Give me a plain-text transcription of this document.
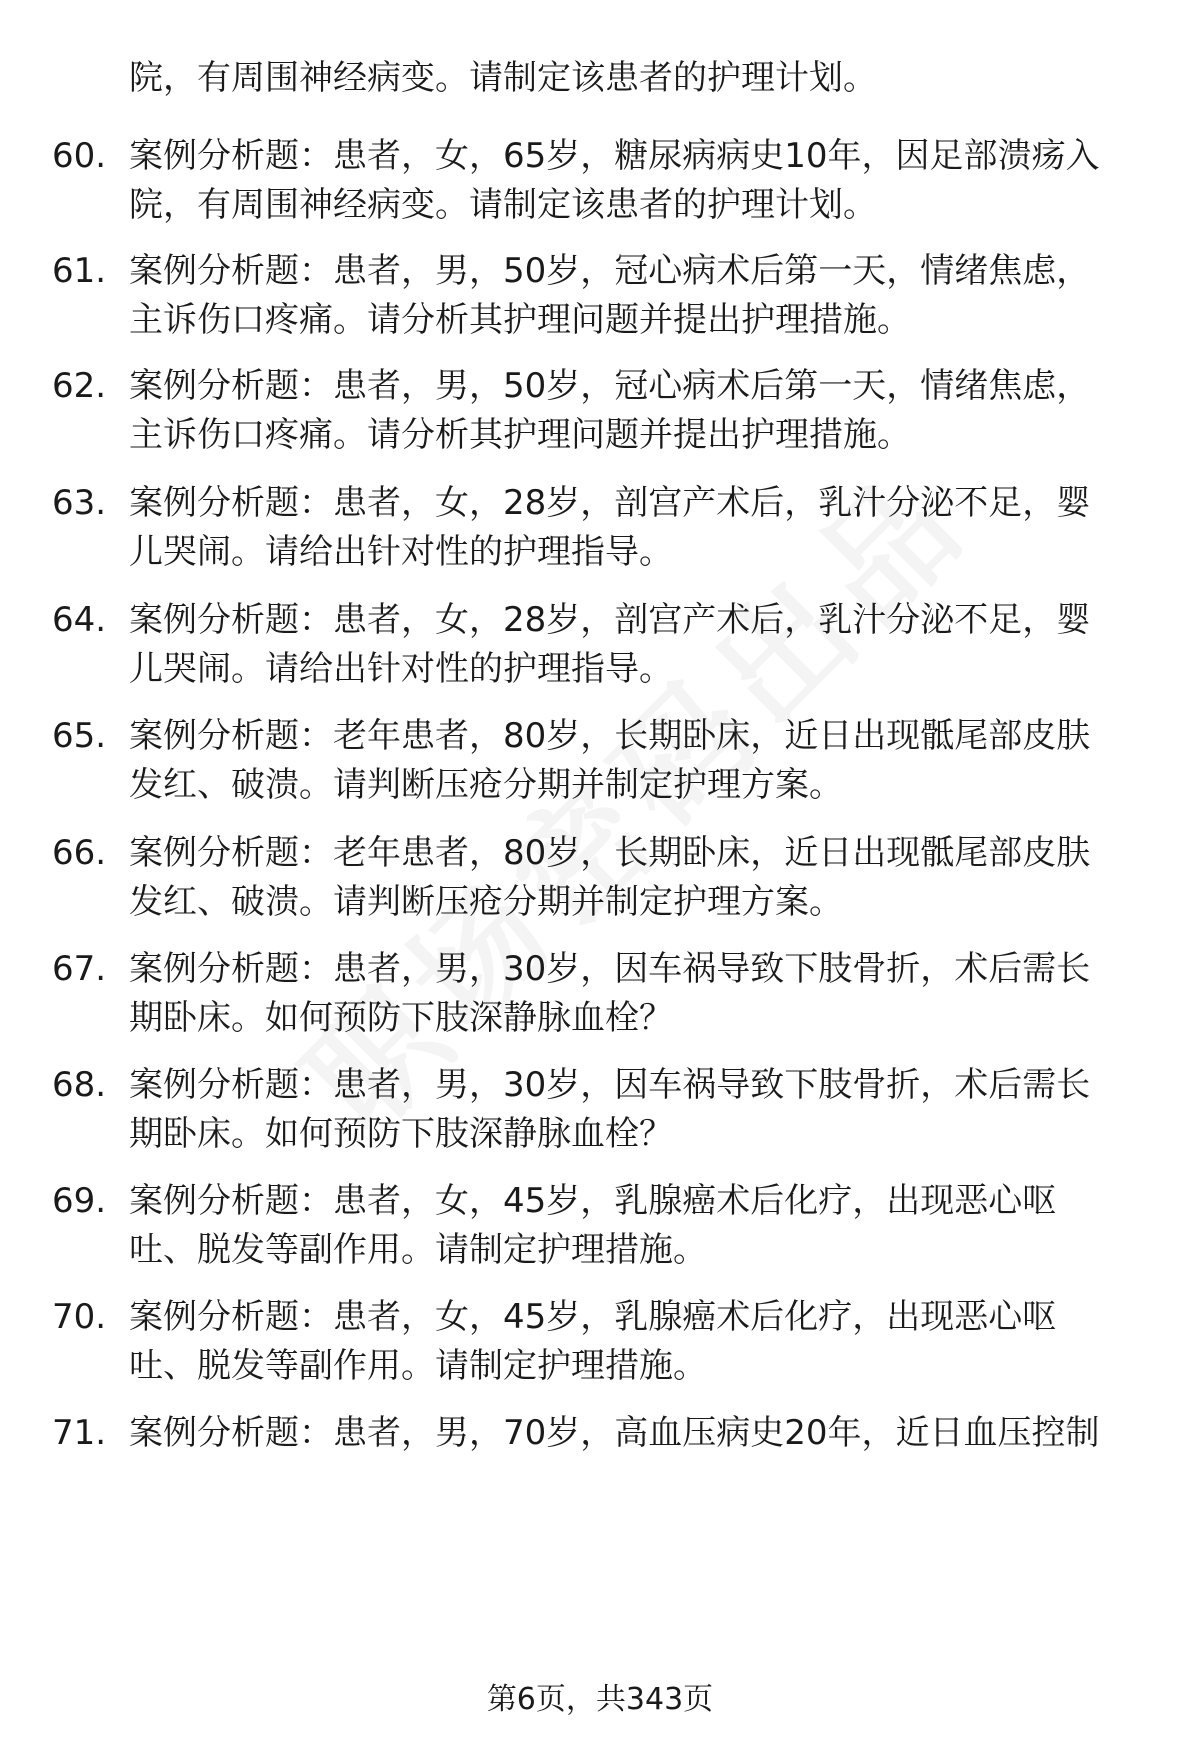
院，有周围神经病变。请制定该患者的护理计划。
60. 案例分析题：患者，女，65岁，糖尿病病史10年，因足部溃疡入
院，有周围神经病变。请制定该患者的护理计划。
61. 案例分析题：患者，男，50岁，冠心病术后第一天，情绪焦虑，
主诉伤口疼痛。请分析其护理问题并提出护理措施。
62. 案例分析题：患者，男，50岁，冠心病术后第一天，情绪焦虑，
主诉伤口疼痛。请分析其护理问题并提出护理措施。
63. 案例分析题：患者，女，28岁，剖宫产术后，乳汁分泌不足，婴
儿哭闹。请给出针对性的护理指导。
64. 案例分析题：患者，女，28岁，剖宫产术后，乳汁分泌不足，婴
儿哭闹。请给出针对性的护理指导。
65. 案例分析题：老年患者，80岁，长期卧床，近日出现骶尾部皮肤
发红、破溃。请判断压疮分期并制定护理方案。
66. 案例分析题：老年患者，80岁，长期卧床，近日出现骶尾部皮肤
发红、破溃。请判断压疮分期并制定护理方案。
67. 案例分析题：患者，男，30岁，因车祸导致下肢骨折，术后需长
期卧床。如何预防下肢深静脉血栓？
68. 案例分析题：患者，男，30岁，因车祸导致下肢骨折，术后需长
期卧床。如何预防下肢深静脉血栓？
69. 案例分析题：患者，女，45岁，乳腺癌术后化疗，出现恶心呕
吐、脱发等副作用。请制定护理措施。
70. 案例分析题：患者，女，45岁，乳腺癌术后化疗，出现恶心呕
吐、脱发等副作用。请制定护理措施。
71. 案例分析题：患者，男，70岁，高血压病史20年，近日血压控制
第6页，共343页
